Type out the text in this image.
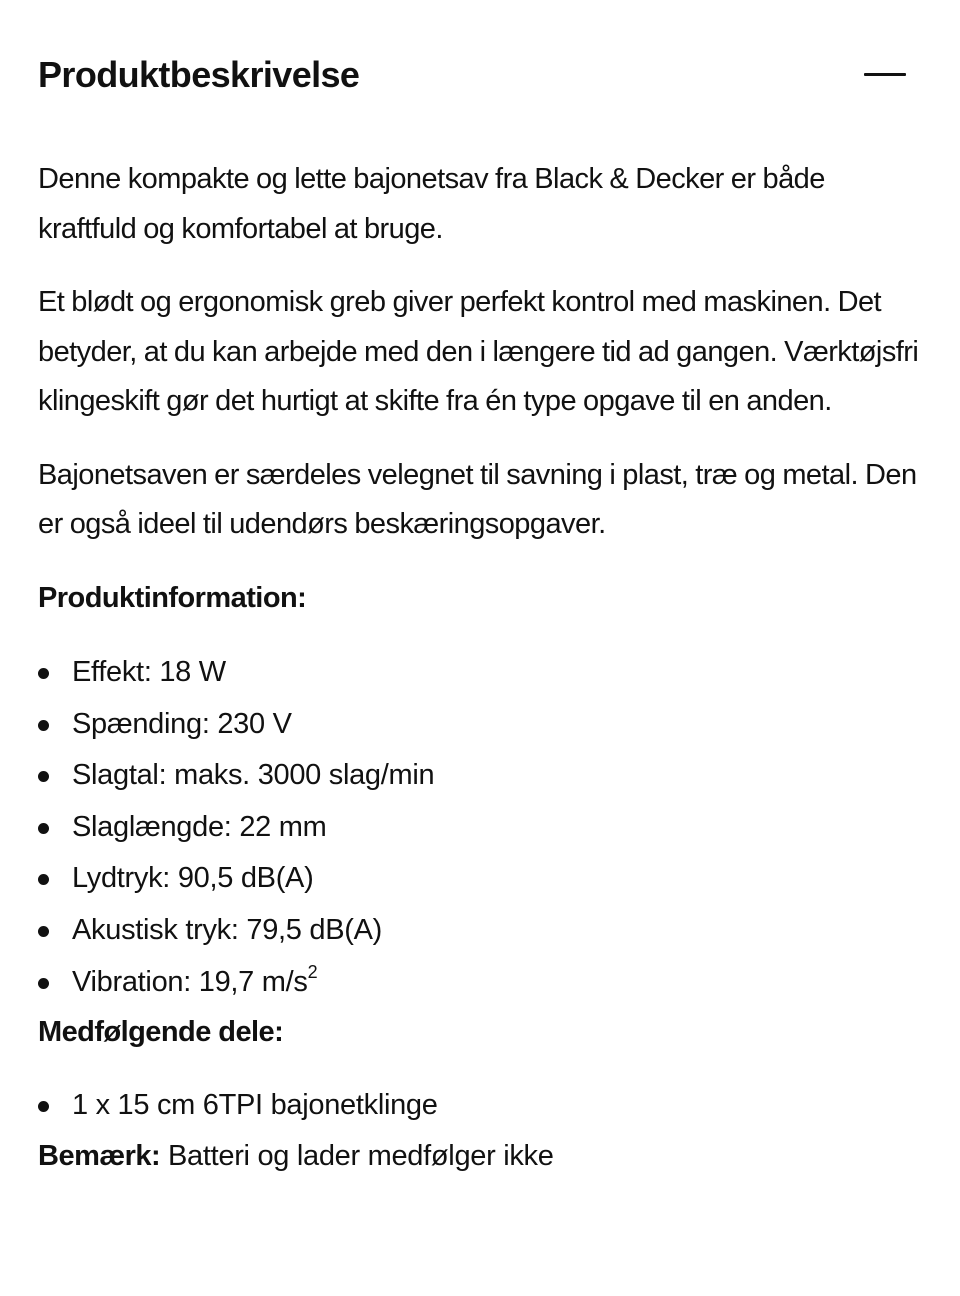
Produktbeskrivelse

Denne kompakte og lette bajonetsav fra Black & Decker er både kraftfuld og komfortabel at bruge.

Et blødt og ergonomisk greb giver perfekt kontrol med maskinen. Det betyder, at du kan arbejde med den i længere tid ad gangen. Værktøjsfri klingeskift gør det hurtigt at skifte fra én type opgave til en anden.

Bajonetsaven er særdeles velegnet til savning i plast, træ og metal. Den er også ideel til udendørs beskæringsopgaver.

Produktinformation:
Effekt: 18 W
Spænding: 230 V
Slagtal: maks. 3000 slag/min
Slaglængde: 22 mm
Lydtryk: 90,5 dB(A)
Akustisk tryk: 79,5 dB(A)
Vibration: 19,7 $m/s^2$
Medfølgende dele:
1 x 15 cm 6TPI bajonetklinge

Bemærk: Batteri og lader medfølger ikke
